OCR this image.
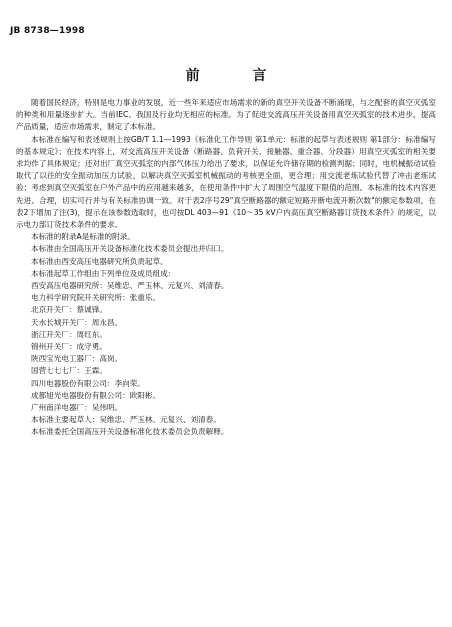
JB 8738—1998
前 言

随着国民经济，特别是电力事业的发展，近一些年来适应市场需求的新的真空开关设备不断涌现，与之配套的真空灭弧室的种类和用量逐步扩大。当前IEC、我国及行业均无相应的标准。为了促进交流高压开关设备用真空灭弧室的技术进步，提高产品质量，适应市场需求，制定了本标准。

本标准在编写和表述规则上按GB/T 1.1—1993《标准化工作导则 第1单元：标准的起草与表述规则 第1部分：标准编写的基本规定》；在技术内容上，对交流高压开关设备（断路器、负荷开关、接触器、重合器、分段器）用真空灭弧室的相关要求均作了具体规定；还对出厂真空灭弧室的内部气体压力给出了要求，以保证允许储存期的检测判据；同时，电机械振动试验取代了以往的安全振动加压力试验，以解决真空灭弧室机械振动的考核更全面，更合理；用交流老炼试验代替了冲击老炼试验；考虑到真空灭弧室在户外产品中的应用越来越多，在使用条件中扩大了周围空气温度下限值的范围。本标准的技术内容更先进、合理，切实可行并与有关标准协调一致。对于表2序号29"真空断路器的额定短路开断电流开断次数"的额定参数项，在表2下增加了注(3)，提示在该参数选取时，也可按DL 403—91《10～35 kV户内高压真空断路器订货技术条件》的规定，以示电力部订货技术条件的要求。

本标准的附录A是标准的附录。

本标准由全国高压开关设备标准化技术委员会提出并归口。

本标准由西安高压电器研究所负责起草。

本标准起草工作组由下列单位及成员组成：

西安高压电器研究所：吴维忠、严玉林、元复兴、刘清春。

电力科学研究院开关研究所：张重乐。

北京开关厂：蔡诚锋。

天水长城开关厂：周永昌。

浙江开关厂：周红东。

锦州开关厂：成守勇。

陕西宝光电工器厂：高岗。

国营七七七厂：王霖。

四川电器股份有限公司：李向荣。

成都旭光电器股份有限公司：欧阳彬。

广州南洋电器厂：吴伟明。

本标准主要起草人：吴维忠、严玉林、元复兴、刘清春。

本标准委托全国高压开关设备标准化技术委员会负责解释。
